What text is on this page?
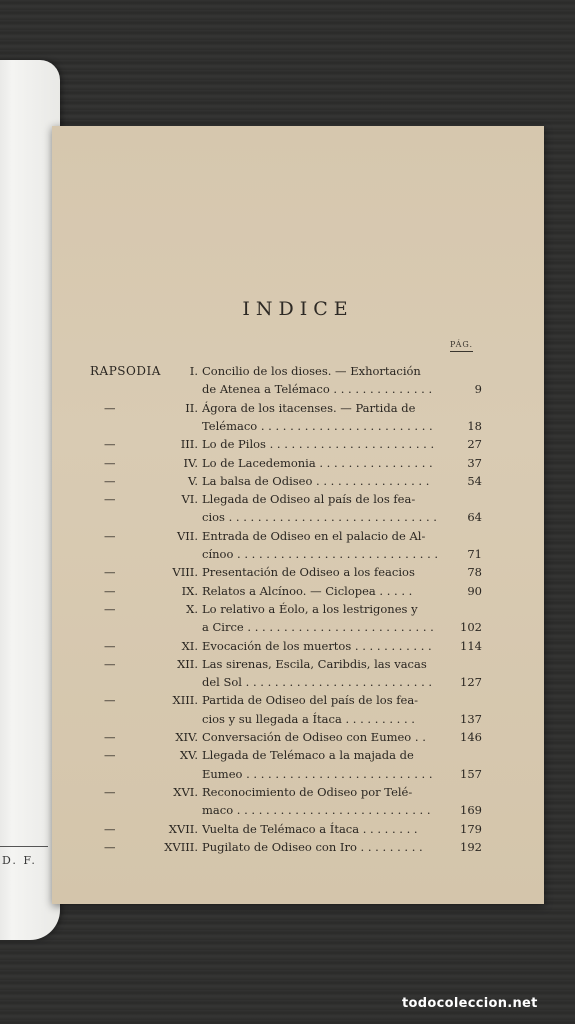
D. F.
INDICE
PÁG.
RAPSODIA	I. Concilio de los dioses. — Exhortación
de Atenea a Telémaco . . . . . . . . . . . . . .	9
—	II. Ágora de los itacenses. — Partida de
Telémaco . . . . . . . . . . . . . . . . . . . . . . . .	18
—	III. Lo de Pilos . . . . . . . . . . . . . . . . . . . . . . .	27
—	IV. Lo de Lacedemonia . . . . . . . . . . . . . . . .	37
—	V. La balsa de Odiseo . . . . . . . . . . . . . . . .	54
—	VI. Llegada de Odiseo al país de los fea-
cios . . . . . . . . . . . . . . . . . . . . . . . . . . . . .	64
—	VII. Entrada de Odiseo en el palacio de Al-
cínoo . . . . . . . . . . . . . . . . . . . . . . . . . . . .	71
—	VIII. Presentación de Odiseo a los feacios	78
—	IX. Relatos a Alcínoo. — Ciclopea . . . . .	90
—	X. Lo relativo a Éolo, a los lestrigones y
a Circe . . . . . . . . . . . . . . . . . . . . . . . . . .	102
—	XI. Evocación de los muertos . . . . . . . . . . .	114
—	XII. Las sirenas, Escila, Caribdis, las vacas
del Sol . . . . . . . . . . . . . . . . . . . . . . . . . .	127
—	XIII. Partida de Odiseo del país de los fea-
cios y su llegada a Ítaca . . . . . . . . . .	137
—	XIV. Conversación de Odiseo con Eumeo . .	146
—	XV. Llegada de Telémaco a la majada de
Eumeo . . . . . . . . . . . . . . . . . . . . . . . . . .	157
—	XVI. Reconocimiento de Odiseo por Telé-
maco . . . . . . . . . . . . . . . . . . . . . . . . . . .	169
—	XVII. Vuelta de Telémaco a Ítaca . . . . . . . .	179
—	XVIII. Pugilato de Odiseo con Iro . . . . . . . . .	192
todocoleccion.net
